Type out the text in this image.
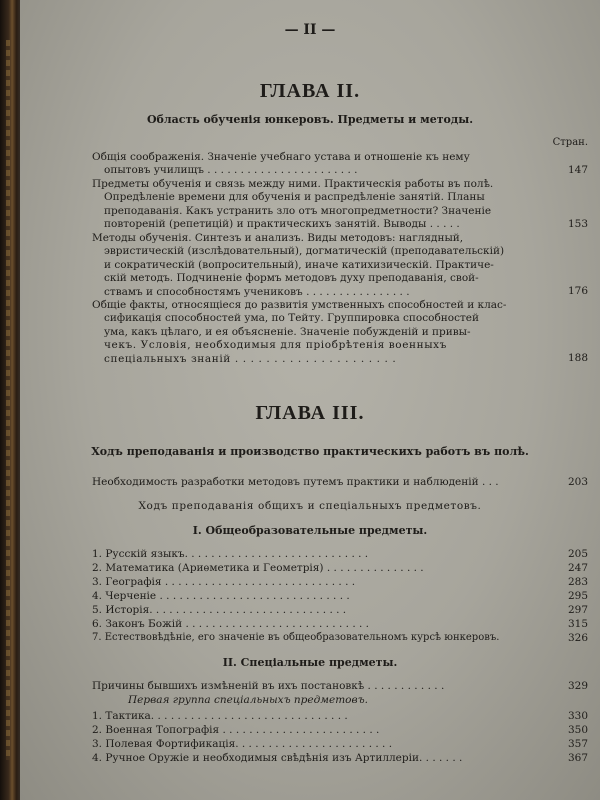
— II —
ГЛАВА II.
Область обученія юнкеровъ. Предметы и методы.
Стран.
Общія соображенія. Значеніе учебнаго устава и отношеніе къ нему
опытовъ училищъ . . . . . . . . . . . . . . . . . . . . . . .	147
Предметы обученія и связь между ними. Практическія работы въ полѣ.
Опредѣленіе времени для обученія и распредѣленіе занятій. Планы
преподаванія. Какъ устранить зло отъ многопредметности? Значеніе
повтореній (репетицій) и практическихъ занятій. Выводы . . . . .	153
Методы обученія. Синтезъ и анализъ. Виды методовъ: наглядный,
эвристическій (изслѣдовательный), догматическій (преподавательскій)
и сократическій (вопросительный), иначе катихизическій. Практиче-
скій методъ. Подчиненіе формъ методовъ духу преподаванія, свой-
ствамъ и способностямъ учениковъ . . . . . . . . . . . . . . . .	176
Общіе факты, относящіеся до развитія умственныхъ способностей и клас-
сификація способностей ума, по Тейту. Группировка способностей
ума, какъ цѣлаго, и ея объясненіе. Значеніе побужденій и привы-
чекъ. Условія, необходимыя для пріобрѣтенія военныхъ
спеціальныхъ знаній . . . . . . . . . . . . . . . . . . . . .	188
ГЛАВА III.
Ходъ преподаванія и производство практическихъ работъ въ полѣ.
Необходимость разработки методовъ путемъ практики и наблюденій . . .	203
Ходъ преподаванія общихъ и спеціальныхъ предметовъ.
I. Общеобразовательные предметы.
1. Русскій языкъ. . . . . . . . . . . . . . . . . . . . . . . . . . . .	205
2. Математика (Ариѳметика и Геометрія) . . . . . . . . . . . . . . .	247
3. Географія . . . . . . . . . . . . . . . . . . . . . . . . . . . . .	283
4. Черченіе . . . . . . . . . . . . . . . . . . . . . . . . . . . . .	295
5. Исторія. . . . . . . . . . . . . . . . . . . . . . . . . . . . . .	297
6. Законъ Божій . . . . . . . . . . . . . . . . . . . . . . . . . . . .	315
7. Естествовѣдѣніе, его значеніе въ общеобразовательномъ курсѣ юнкеровъ.	326
II. Спеціальные предметы.
Причины бывшихъ измѣненій въ ихъ постановкѣ . . . . . . . . . . . .	329
Первая группа спеціальныхъ предметовъ.
1. Тактика. . . . . . . . . . . . . . . . . . . . . . . . . . . . . .	330
2. Военная Топографія . . . . . . . . . . . . . . . . . . . . . . . .	350
3. Полевая Фортификація. . . . . . . . . . . . . . . . . . . . . . . .	357
4. Ручное Оружіе и необходимыя свѣдѣнія изъ Артиллеріи. . . . . . .	367
